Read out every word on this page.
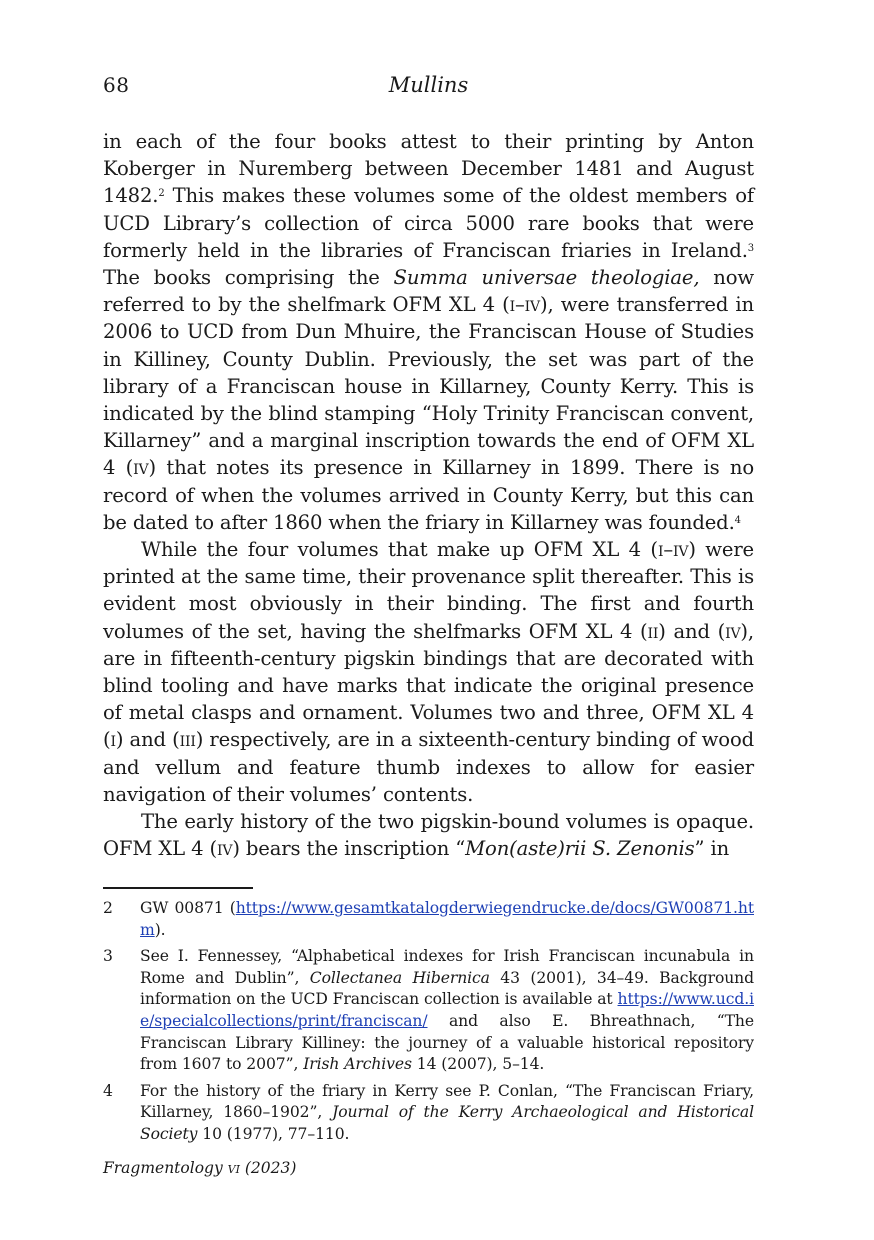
68	Mullins

in each of the four books attest to their printing by Anton Koberger in Nuremberg between December 1481 and August 1482.$^2$ This makes these volumes some of the oldest members of UCD Library’s collection of circa 5000 rare books that were formerly held in the libraries of Franciscan friaries in Ireland.$^3$ The books comprising the Summa universae theologiae, now referred to by the shelfmark OFM XL 4 (i–iv), were transferred in 2006 to UCD from Dun Mhuire, the Franciscan House of Studies in Killiney, County Dublin. Previously, the set was part of the library of a Franciscan house in Killarney, County Kerry. This is indicated by the blind stamping “Holy Trinity Franciscan convent, Killarney” and a marginal inscription towards the end of OFM XL 4 (iv) that notes its presence in Killarney in 1899. There is no record of when the volumes arrived in County Kerry, but this can be dated to after 1860 when the friary in Killarney was founded.$^4$

While the four volumes that make up OFM XL 4 (i–iv) were printed at the same time, their provenance split thereafter. This is evident most obviously in their binding. The first and fourth volumes of the set, having the shelfmarks OFM XL 4 (ii) and (iv), are in fifteenth-century pigskin bindings that are decorated with blind tooling and have marks that indicate the original presence of metal clasps and ornament. Volumes two and three, OFM XL 4 (i) and (iii) respectively, are in a sixteenth-century binding of wood and vellum and feature thumb indexes to allow for easier navigation of their volumes’ contents.

The early history of the two pigskin-bound volumes is opaque. OFM XL 4 (iv) bears the inscription “Mon(aste)rii S. Zenonis” in

2 GW 00871 (https://www.gesamtkatalogderwiegendrucke.de/docs/GW00871.htm).
3 See I. Fennessey, “Alphabetical indexes for Irish Franciscan incunabula in Rome and Dublin”, Collectanea Hibernica 43 (2001), 34–49. Background information on the UCD Franciscan collection is available at https://www.ucd.ie/specialcollections/print/franciscan/ and also E. Bhreathnach, “The Franciscan Library Killiney: the journey of a valuable historical repository from 1607 to 2007”, Irish Archives 14 (2007), 5–14.
4 For the history of the friary in Kerry see P. Conlan, “The Franciscan Friary, Killarney, 1860–1902”, Journal of the Kerry Archaeological and Historical Society 10 (1977), 77–110.
Fragmentology vi (2023)
